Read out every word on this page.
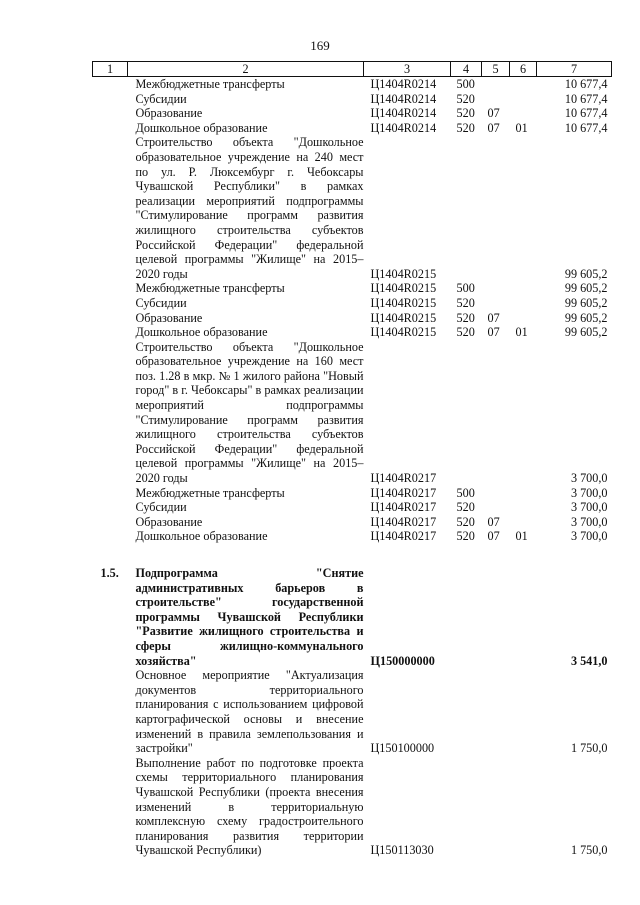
169
1	2	3	4	5	6	7
	Межбюджетные трансферты	Ц1404R0214	500			10 677,4
	Субсидии	Ц1404R0214	520			10 677,4
	Образование	Ц1404R0214	520	07		10 677,4
	Дошкольное образование	Ц1404R0214	520	07	01	10 677,4
	Строительство объекта "Дошкольное образовательное учреждение на 240 мест по ул. Р. Люксембург г. Чебоксары Чувашской Республики" в рамках реализации мероприятий подпрограммы "Стимулирование программ развития жилищного строительства субъектов Российской Федерации" федеральной целевой программы "Жилище" на 2015–2020 годы	Ц1404R0215				99 605,2
	Межбюджетные трансферты	Ц1404R0215	500			99 605,2
	Субсидии	Ц1404R0215	520			99 605,2
	Образование	Ц1404R0215	520	07		99 605,2
	Дошкольное образование	Ц1404R0215	520	07	01	99 605,2
	Строительство объекта "Дошкольное образовательное учреждение на 160 мест поз. 1.28 в мкр. № 1 жилого района "Новый город" в г. Чебоксары" в рамках реализации мероприятий подпрограммы "Стимулирование программ развития жилищного строительства субъектов Российской Федерации" федеральной целевой программы "Жилище" на 2015–2020 годы	Ц1404R0217				3 700,0
	Межбюджетные трансферты	Ц1404R0217	500			3 700,0
	Субсидии	Ц1404R0217	520			3 700,0
	Образование	Ц1404R0217	520	07		3 700,0
	Дошкольное образование	Ц1404R0217	520	07	01	3 700,0

1.5.	Подпрограмма "Снятие административных барьеров в строительстве" государственной программы Чувашской Республики "Развитие жилищного строительства и сферы жилищно-коммунального хозяйства"	Ц150000000				3 541,0
	Основное мероприятие "Актуализация документов территориального планирования с использованием цифровой картографической основы и внесение изменений в правила землепользования и застройки"	Ц150100000				1 750,0
	Выполнение работ по подготовке проекта схемы территориального планирования Чувашской Республики (проекта внесения изменений в территориальную комплексную схему градостроительного планирования развития территории Чувашской Республики)	Ц150113030				1 750,0
